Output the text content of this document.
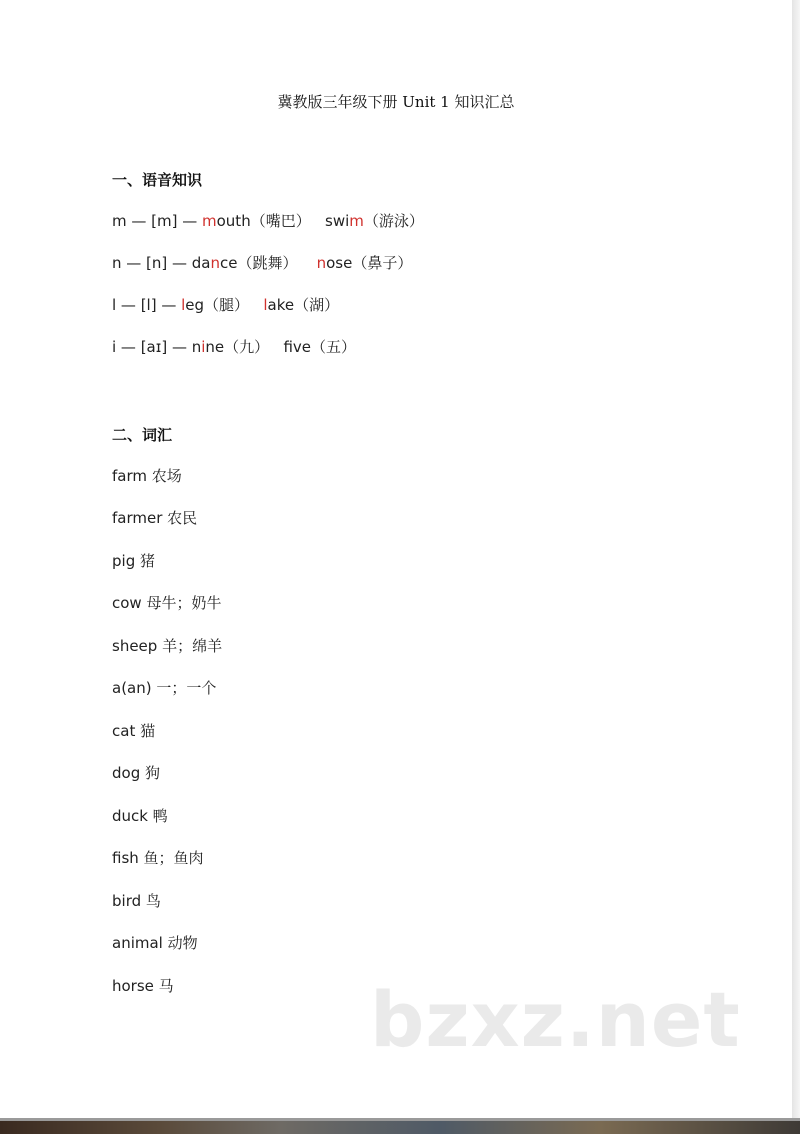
冀教版三年级下册 Unit 1 知识汇总
一、语音知识
m — [m] — mouth（嘴巴）   swim（游泳）
n — [n] — dance（跳舞）    nose（鼻子）
l — [l] — leg（腿）   lake（湖）
i — [aɪ] — nine（九）   fve（五）
二、词汇
farm 农场
farmer 农民
pig 猪
cow 母牛；奶牛
sheep 羊；绵羊
a(an) 一；一个
cat 猫
dog 狗
duck 鸭
fish 鱼；鱼肉
bird 鸟
animal 动物
horse 马	bzxz.net
